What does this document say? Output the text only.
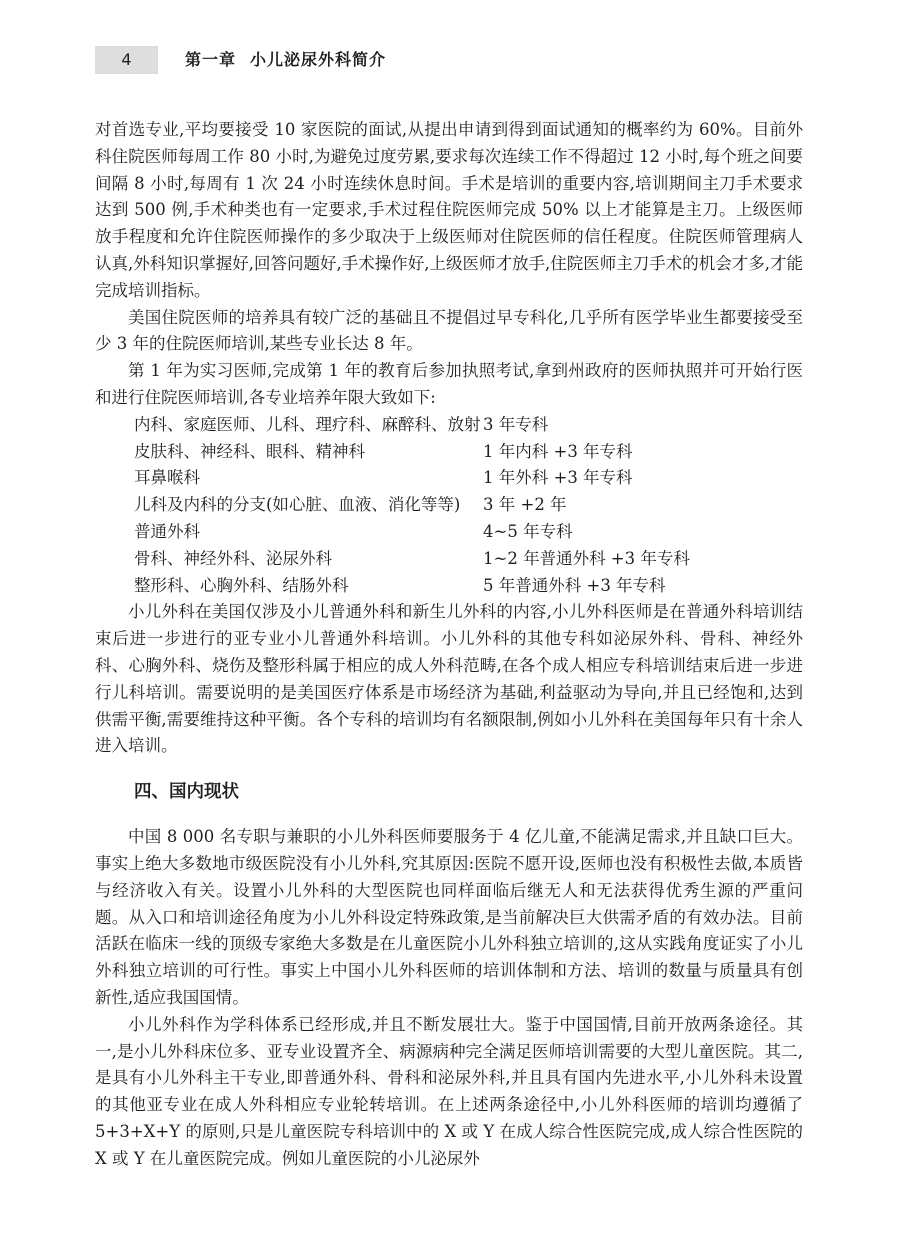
4	第一章 小儿泌尿外科简介

对首选专业,平均要接受 10 家医院的面试,从提出申请到得到面试通知的概率约为 60%。目前外科住院医师每周工作 80 小时,为避免过度劳累,要求每次连续工作不得超过 12 小时,每个班之间要间隔 8 小时,每周有 1 次 24 小时连续休息时间。手术是培训的重要内容,培训期间主刀手术要求达到 500 例,手术种类也有一定要求,手术过程住院医师完成 50% 以上才能算是主刀。上级医师放手程度和允许住院医师操作的多少取决于上级医师对住院医师的信任程度。住院医师管理病人认真,外科知识掌握好,回答问题好,手术操作好,上级医师才放手,住院医师主刀手术的机会才多,才能完成培训指标。

美国住院医师的培养具有较广泛的基础且不提倡过早专科化,几乎所有医学毕业生都要接受至少 3 年的住院医师培训,某些专业长达 8 年。

第 1 年为实习医师,完成第 1 年的教育后参加执照考试,拿到州政府的医师执照并可开始行医和进行住院医师培训,各专业培养年限大致如下:

内科、家庭医师、儿科、理疗科、麻醉科、放射 3 年专科
皮肤科、神经科、眼科、精神科	1 年内科 +3 年专科
耳鼻喉科	1 年外科 +3 年专科
儿科及内科的分支(如心脏、血液、消化等等)	3 年 +2 年
普通外科	4~5 年专科
骨科、神经外科、泌尿外科	1~2 年普通外科 +3 年专科
整形科、心胸外科、结肠外科	5 年普通外科 +3 年专科

小儿外科在美国仅涉及小儿普通外科和新生儿外科的内容,小儿外科医师是在普通外科培训结束后进一步进行的亚专业小儿普通外科培训。小儿外科的其他专科如泌尿外科、骨科、神经外科、心胸外科、烧伤及整形科属于相应的成人外科范畴,在各个成人相应专科培训结束后进一步进行儿科培训。需要说明的是美国医疗体系是市场经济为基础,利益驱动为导向,并且已经饱和,达到供需平衡,需要维持这种平衡。各个专科的培训均有名额限制,例如小儿外科在美国每年只有十余人进入培训。

四、国内现状

中国 8 000 名专职与兼职的小儿外科医师要服务于 4 亿儿童,不能满足需求,并且缺口巨大。事实上绝大多数地市级医院没有小儿外科,究其原因:医院不愿开设,医师也没有积极性去做,本质皆与经济收入有关。设置小儿外科的大型医院也同样面临后继无人和无法获得优秀生源的严重问题。从入口和培训途径角度为小儿外科设定特殊政策,是当前解决巨大供需矛盾的有效办法。目前活跃在临床一线的顶级专家绝大多数是在儿童医院小儿外科独立培训的,这从实践角度证实了小儿外科独立培训的可行性。事实上中国小儿外科医师的培训体制和方法、培训的数量与质量具有创新性,适应我国国情。

小儿外科作为学科体系已经形成,并且不断发展壮大。鉴于中国国情,目前开放两条途径。其一,是小儿外科床位多、亚专业设置齐全、病源病种完全满足医师培训需要的大型儿童医院。其二,是具有小儿外科主干专业,即普通外科、骨科和泌尿外科,并且具有国内先进水平,小儿外科未设置的其他亚专业在成人外科相应专业轮转培训。在上述两条途径中,小儿外科医师的培训均遵循了 5+3+X+Y 的原则,只是儿童医院专科培训中的 X 或 Y 在成人综合性医院完成,成人综合性医院的 X 或 Y 在儿童医院完成。例如儿童医院的小儿泌尿外
